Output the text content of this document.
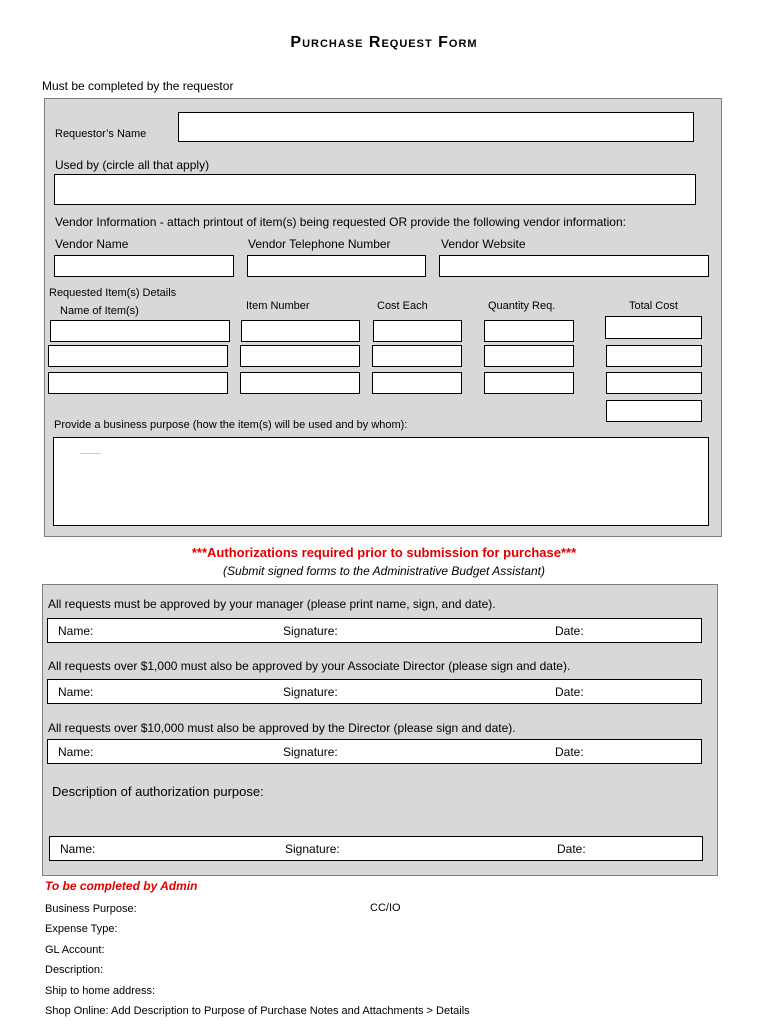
Purchase Request Form
Must be completed by the requestor
Requestor’s Name
Used by (circle all that apply)
Vendor Information - attach printout of item(s) being requested OR provide the following vendor information:
Vendor Name	Vendor Telephone Number	Vendor Website
Requested Item(s) Details
Name of Item(s)	Item Number	Cost Each	Quantity Req.	Total Cost
Provide a business purpose (how the item(s) will be used and by whom):
***Authorizations required prior to submission for purchase***
(Submit signed forms to the Administrative Budget Assistant)
All requests must be approved by your manager (please print name, sign, and date).
Name:	Signature:	Date:
All requests over $1,000 must also be approved by your Associate Director (please sign and date).
Name:	Signature:	Date:
All requests over $10,000 must also be approved by the Director (please sign and date).
Name:	Signature:	Date:
Description of authorization purpose:
Name:	Signature:	Date:
To be completed by Admin
Business Purpose:	CC/IO
Expense Type:
GL Account:
Description:
Ship to home address:
Shop Online: Add Description to Purpose of Purchase Notes and Attachments > Details
